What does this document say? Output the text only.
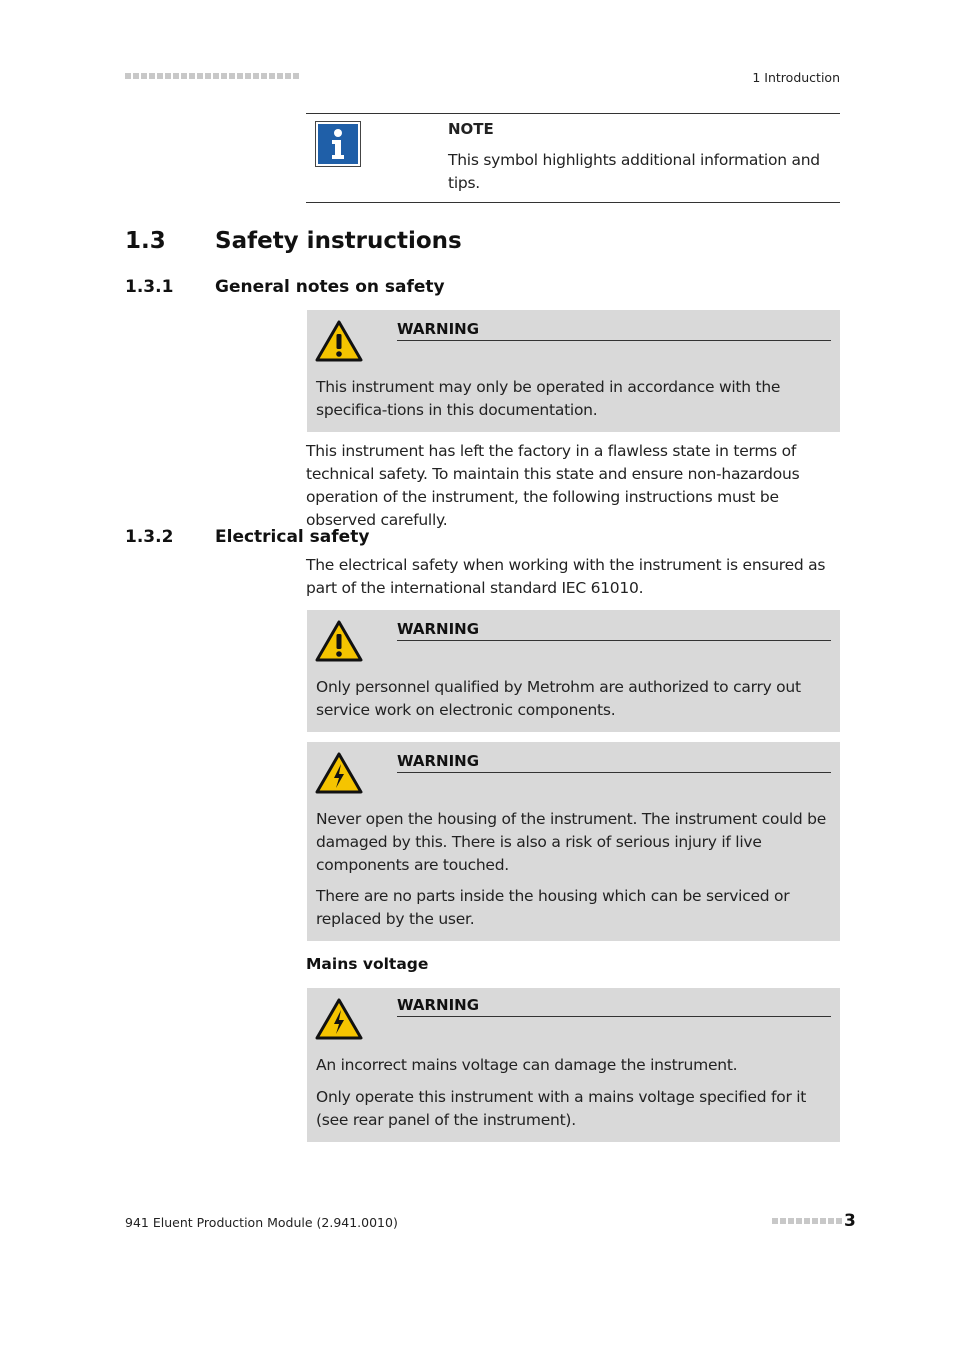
1 Introduction
NOTE
This symbol highlights additional information and tips.
1.3 Safety instructions
1.3.1 General notes on safety
WARNING
This instrument may only be operated in accordance with the specifica-tions in this documentation.
This instrument has left the factory in a flawless state in terms of technical safety. To maintain this state and ensure non-hazardous operation of the instrument, the following instructions must be observed carefully.
1.3.2 Electrical safety
The electrical safety when working with the instrument is ensured as part of the international standard IEC 61010.
WARNING
Only personnel qualified by Metrohm are authorized to carry out service work on electronic components.
WARNING
Never open the housing of the instrument. The instrument could be damaged by this. There is also a risk of serious injury if live components are touched.
There are no parts inside the housing which can be serviced or replaced by the user.
Mains voltage
WARNING
An incorrect mains voltage can damage the instrument.
Only operate this instrument with a mains voltage specified for it (see rear panel of the instrument).
941 Eluent Production Module (2.941.0010)	3
